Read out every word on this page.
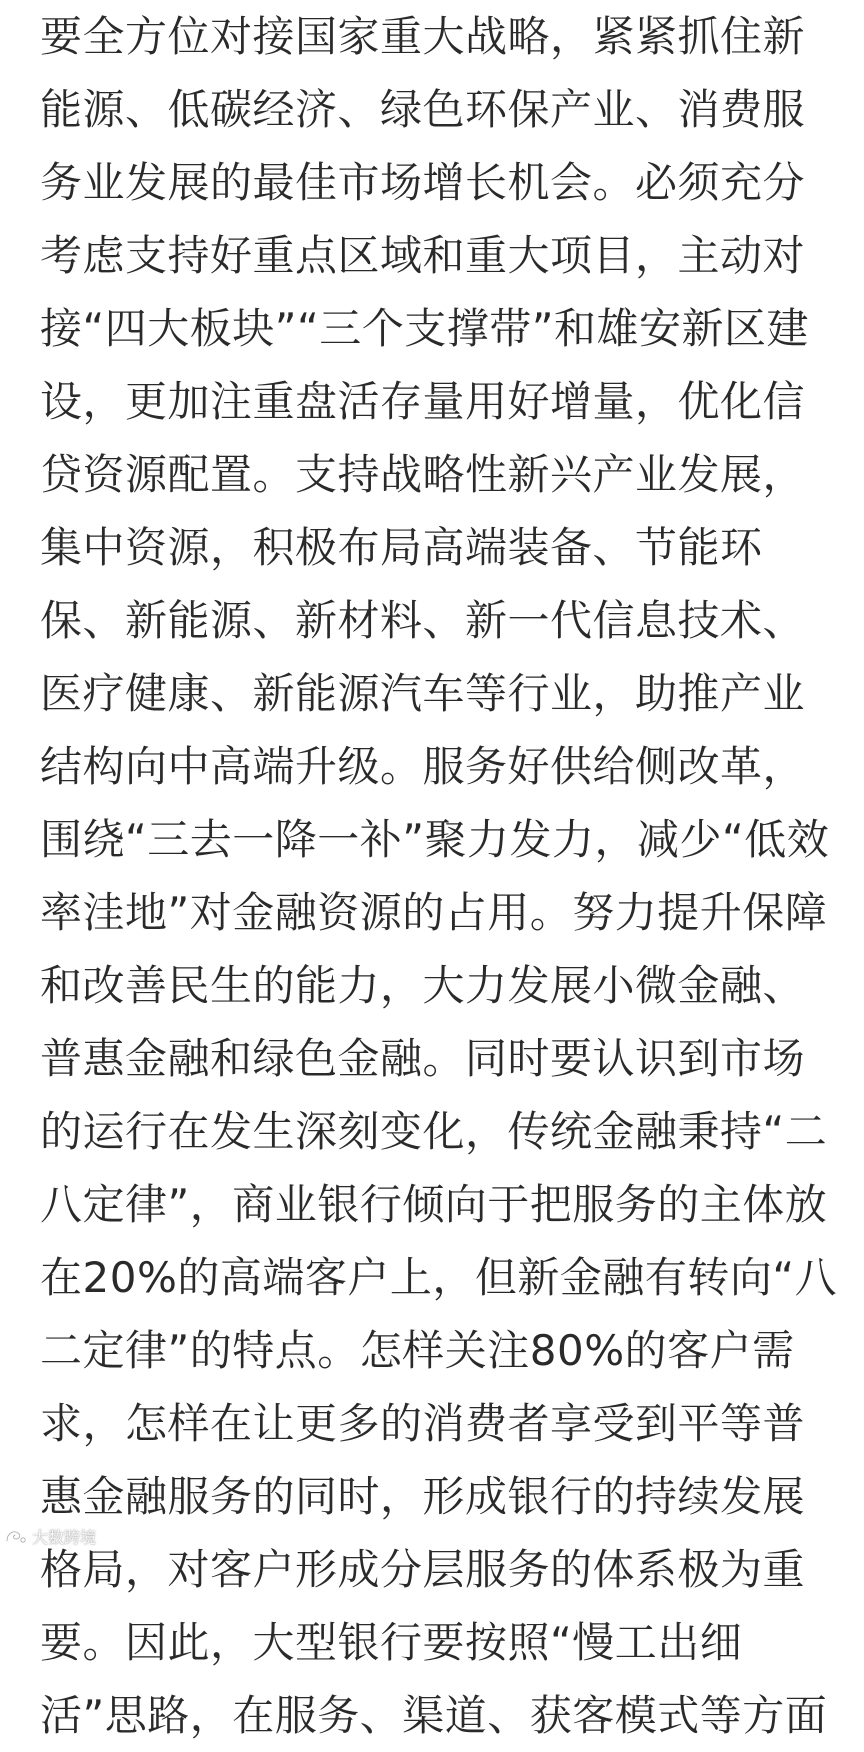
要全方位对接国家重大战略，紧紧抓住新
能源、低碳经济、绿色环保产业、消费服
务业发展的最佳市场增长机会。必须充分
考虑支持好重点区域和重大项目，主动对
接“四大板块”“三个支撑带”和雄安新区建
设，更加注重盘活存量用好增量，优化信
贷资源配置。支持战略性新兴产业发展，
集中资源，积极布局高端装备、节能环
保、新能源、新材料、新一代信息技术、
医疗健康、新能源汽车等行业，助推产业
结构向中高端升级。服务好供给侧改革，
围绕“三去一降一补”聚力发力，减少“低效
率洼地”对金融资源的占用。努力提升保障
和改善民生的能力，大力发展小微金融、
普惠金融和绿色金融。同时要认识到市场
的运行在发生深刻变化，传统金融秉持“二
八定律”，商业银行倾向于把服务的主体放
在20%的高端客户上，但新金融有转向“八
二定律”的特点。怎样关注80%的客户需
求，怎样在让更多的消费者享受到平等普
惠金融服务的同时，形成银行的持续发展
格局，对客户形成分层服务的体系极为重
要。因此，大型银行要按照“慢工出细
活”思路，在服务、渠道、获客模式等方面
大数跨境
